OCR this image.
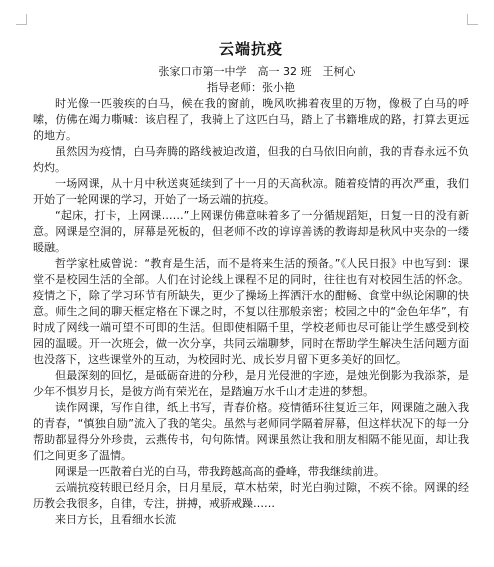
云端抗疫
张家口市第一中学　高一 32 班　王柯心
指导老师：张小艳

时光像一匹骏疾的白马，候在我的窗前，晚风吹拂着夜里的万物，像极了白马的呼嗦，仿佛在竭力嘶喊：该启程了，我骑上了这匹白马，踏上了书籍堆成的路，打算去更远的地方。

虽然因为疫情，白马奔腾的路线被迫改道，但我的白马依旧向前，我的青春永远不负灼灼。

一场网课，从十月中秋送爽延续到了十一月的天高秋凉。随着疫情的再次严重，我们开始了一轮网课的学习，开始了一场云端的抗疫。

“起床，打卡，上网课……”上网课仿佛意味着多了一分循规蹈矩，日复一日的没有新意。网课是空洞的，屏幕是死板的，但老师不改的谆谆善诱的教诲却是秋风中夹杂的一缕暖融。

哲学家杜威曾说：“教育是生活，而不是将来生活的预备。”《人民日报》中也写到：课堂不是校园生活的全部。人们在讨论线上课程不足的同时，往往也有对校园生活的怀念。疫情之下，除了学习环节有所缺失，更少了操场上挥洒汗水的酣畅、食堂中纵论闲聊的快意。师生之间的聊天框定格在下课之时，不复以往那般亲密；校园之中的“金色年华”，有时成了网线一端可望不可即的生活。但即使相隔千里，学校老师也尽可能让学生感受到校园的温暖。开一次班会，做一次分享，共同云端聊梦，同时在帮助学生解决生活问题方面也没落下，这些课堂外的互动，为校园时光、成长岁月留下更多美好的回忆。

但最深刻的回忆，是砥砺奋进的分秒，是月光侵泄的字迹，是烛光倒影为我添茶，是少年不惧岁月长，是彼方尚有荣光在，是踏遍万水千山才走进的梦想。

读作网课，写作自律，纸上书写，青春价格。疫情循环往复近三年，网课随之融入我的青春，“慎独自励”流入了我的笔尖。虽然与老师同学隔着屏幕，但这样状况下的每一分帮助都显得分外珍贵，云燕传书，句句陈情。网课虽然让我和朋友相隔不能见面，却让我们之间更多了温情。

网课是一匹散着白光的白马，带我跨越高高的叠峰，带我继续前进。

云端抗疫转眼已经月余，日月星辰，草木枯荣，时光白驹过隙，不疾不徐。网课的经历教会我很多，自律，专注，拼搏，戒骄戒躁……

来日方长，且看细水长流
